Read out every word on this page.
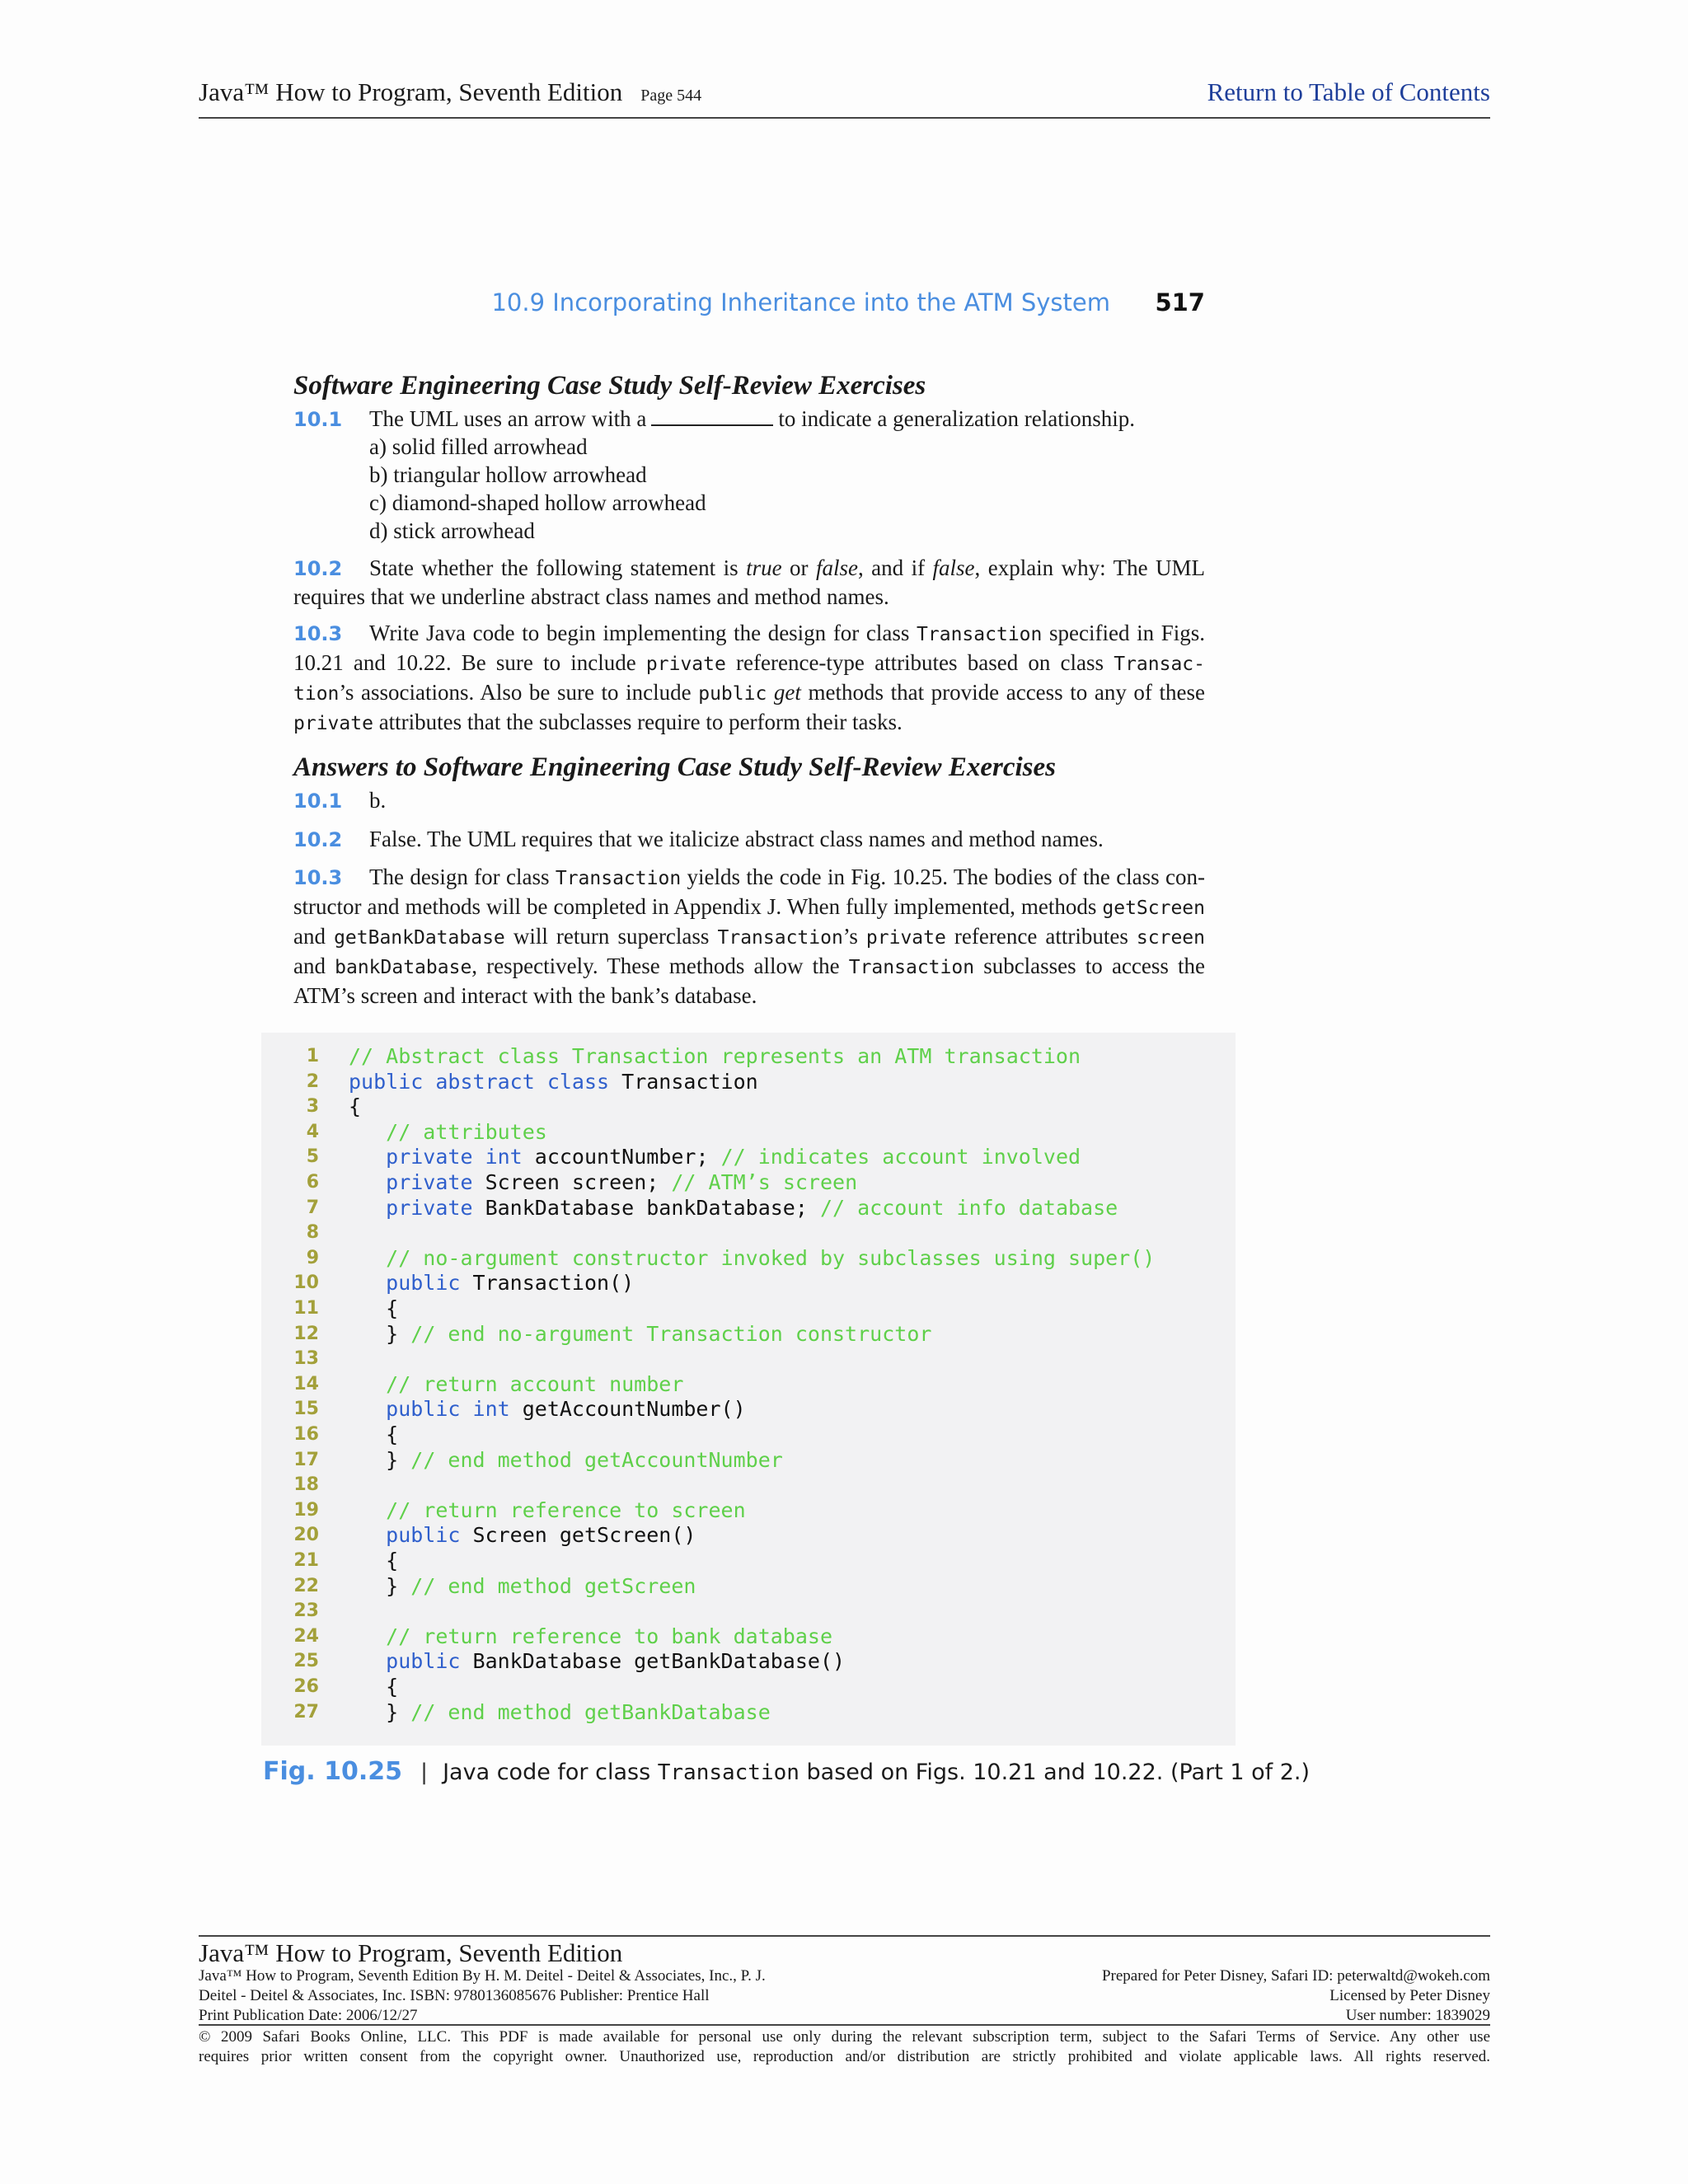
Java™ How to Program, Seventh Edition Page 544	Return to Table of Contents
10.9 Incorporating Inheritance into the ATM System 517
Software Engineering Case Study Self-Review Exercises
10.1 The UML uses an arrow with a	to indicate a generalization relationship.
a) solid filled arrowhead
b) triangular hollow arrowhead
c) diamond-shaped hollow arrowhead
d) stick arrowhead
10.2 State whether the following statement is true or false, and if false, explain why: The UML requires that we underline abstract class names and method names.
10.3 Write Java code to begin implementing the design for class Transaction specified in Figs. 10.21 and 10.22. Be sure to include private reference-type attributes based on class Transac-tion’s associations. Also be sure to include public get methods that provide access to any of these private attributes that the subclasses require to perform their tasks.
Answers to Software Engineering Case Study Self-Review Exercises
10.1 b.
10.2 False. The UML requires that we italicize abstract class names and method names.
10.3 The design for class Transaction yields the code in Fig. 10.25. The bodies of the class con-structor and methods will be completed in Appendix J. When fully implemented, methods getScreen and getBankDatabase will return superclass Transaction’s private reference attributes screen and bankDatabase, respectively. These methods allow the Transaction subclasses to access the ATM’s screen and interact with the bank’s database.
1 // Abstract class Transaction represents an ATM transaction
2 public abstract class Transaction
3 {
4 // attributes
5 private int accountNumber; // indicates account involved
6 private Screen screen; // ATM’s screen
7 private BankDatabase bankDatabase; // account info database
8
9 // no-argument constructor invoked by subclasses using super()
10 public Transaction()
11 {
12 } // end no-argument Transaction constructor
13
14 // return account number
15 public int getAccountNumber()
16 {
17 } // end method getAccountNumber
18
19 // return reference to screen
20 public Screen getScreen()
21 {
22 } // end method getScreen
23
24 // return reference to bank database
25 public BankDatabase getBankDatabase()
26 {
27 } // end method getBankDatabase
Fig. 10.25 | Java code for class Transaction based on Figs. 10.21 and 10.22. (Part 1 of 2.)
Java™ How to Program, Seventh Edition
Java™ How to Program, Seventh Edition By H. M. Deitel - Deitel & Associates, Inc., P. J.
Deitel - Deitel & Associates, Inc. ISBN: 9780136085676 Publisher: Prentice Hall
Print Publication Date: 2006/12/27
Prepared for Peter Disney, Safari ID: peterwaltd@wokeh.com
Licensed by Peter Disney
User number: 1839029
© 2009 Safari Books Online, LLC. This PDF is made available for personal use only during the relevant subscription term, subject to the Safari Terms of Service. Any other use
requires prior written consent from the copyright owner. Unauthorized use, reproduction and/or distribution are strictly prohibited and violate applicable laws. All rights reserved.
